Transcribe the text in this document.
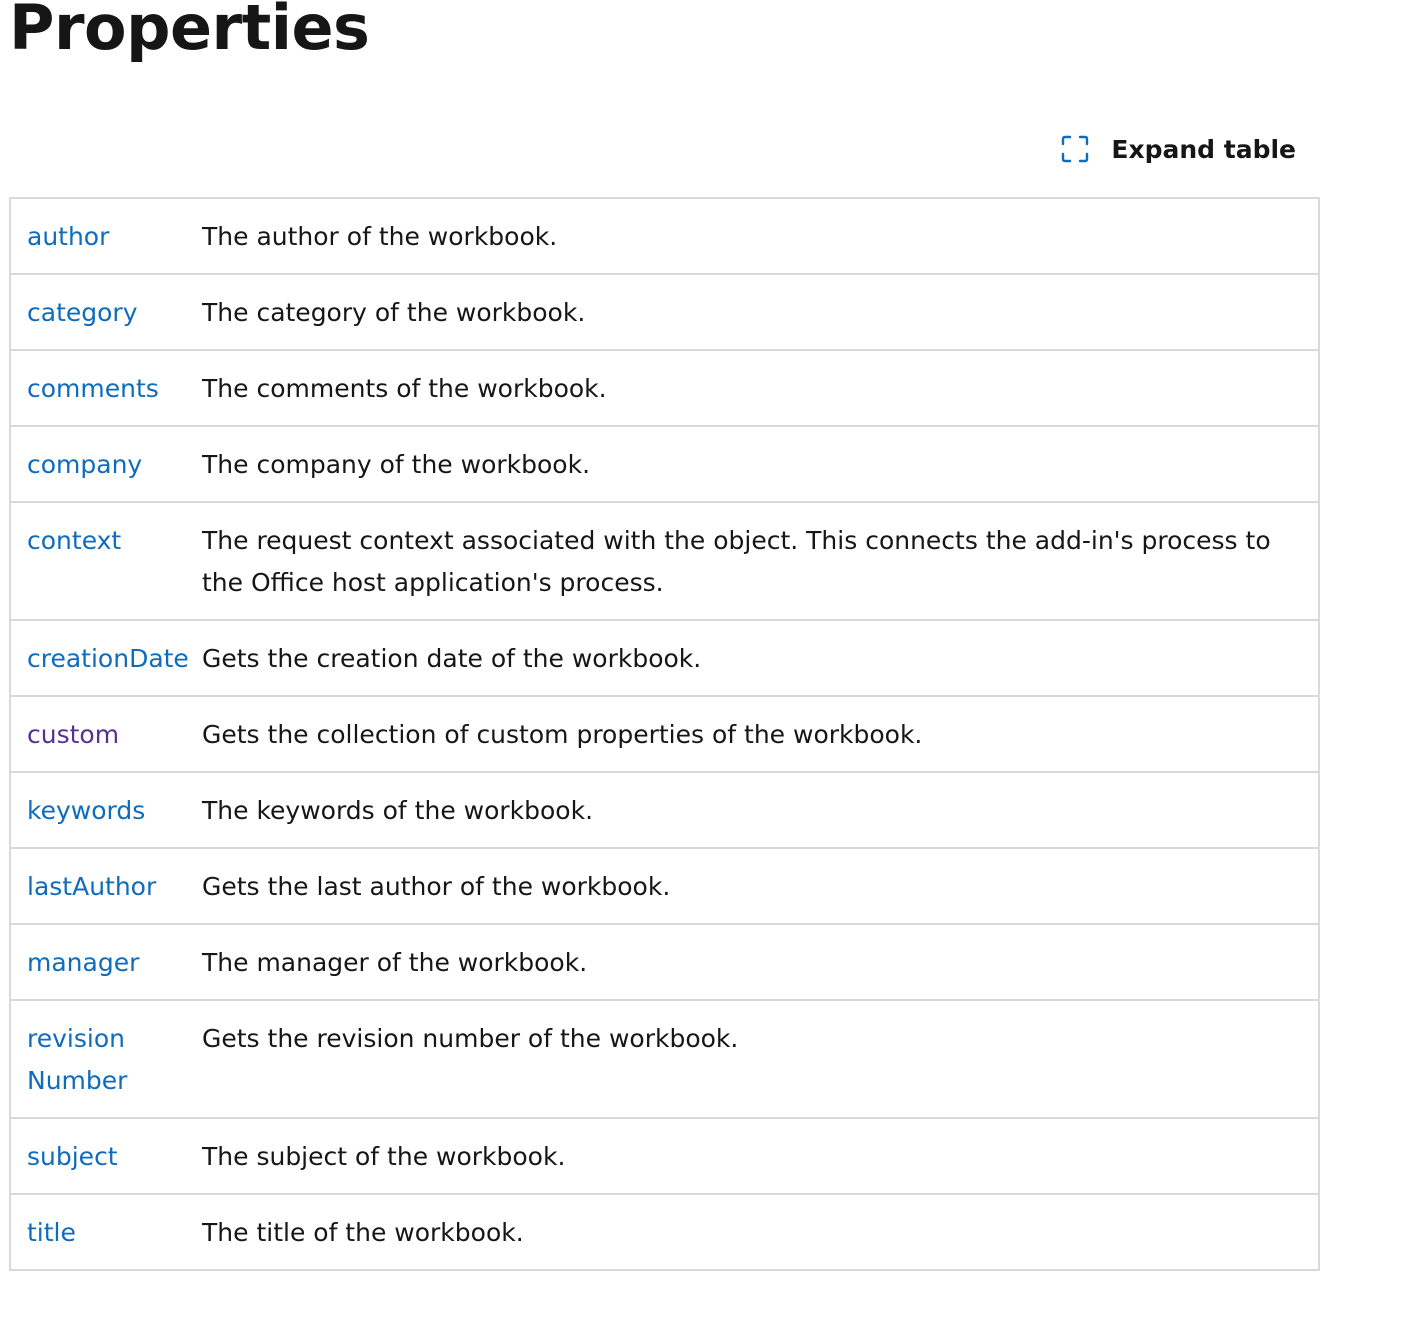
Properties
Expand table
author	The author of the workbook.
category	The category of the workbook.
comments	The comments of the workbook.
company	The company of the workbook.
context	The request context associated with the object. This connects the add-in's process to the Office host application's process.
creationDate	Gets the creation date of the workbook.
custom	Gets the collection of custom properties of the workbook.
keywords	The keywords of the workbook.
lastAuthor	Gets the last author of the workbook.
manager	The manager of the workbook.
revision Number	Gets the revision number of the workbook.
subject	The subject of the workbook.
title	The title of the workbook.
